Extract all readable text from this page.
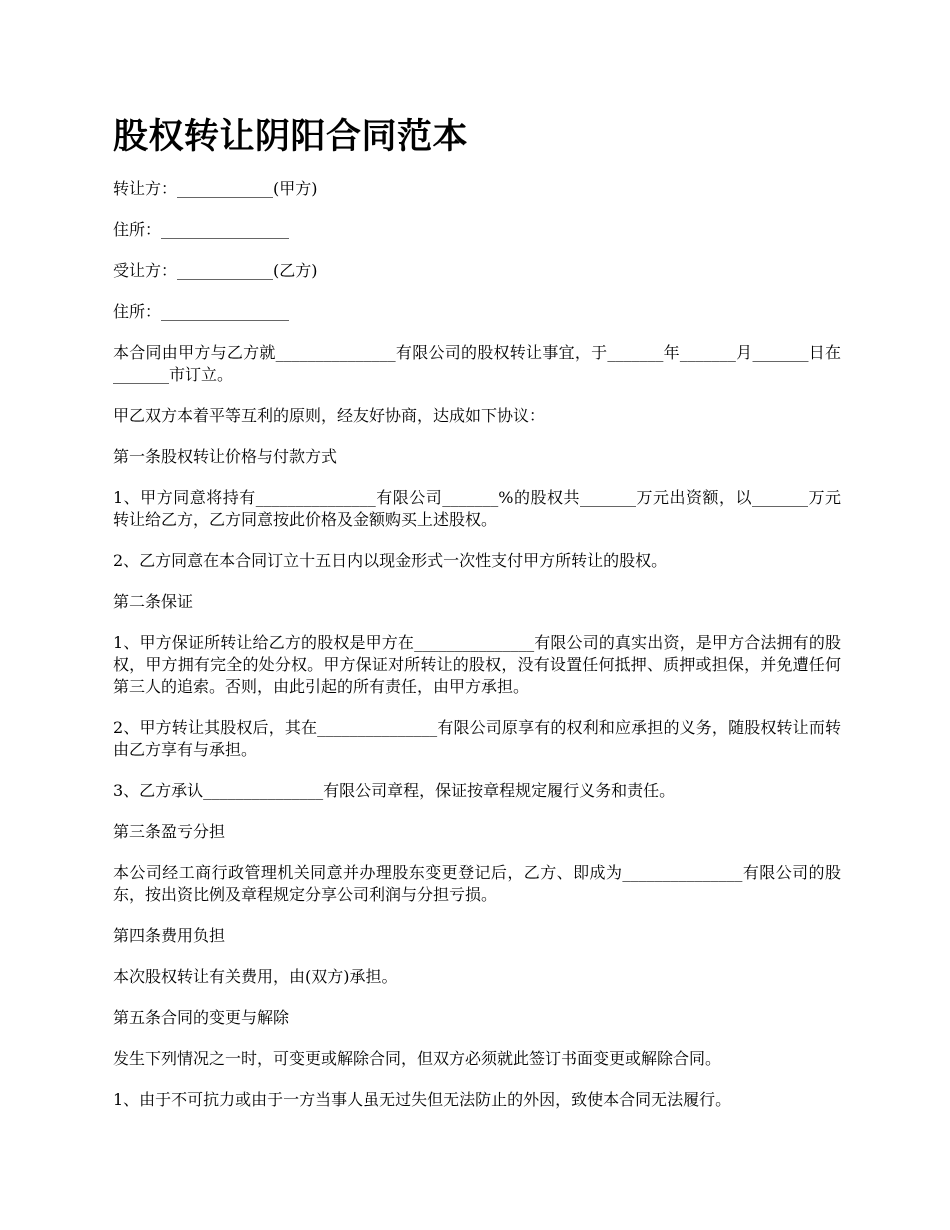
股权转让阴阳合同范本

转让方：____________(甲方)

住所：________________

受让方：____________(乙方)

住所：________________

本合同由甲方与乙方就_______________有限公司的股权转让事宜，于_______年_______月_______日在_______市订立。

甲乙双方本着平等互利的原则，经友好协商，达成如下协议：

第一条股权转让价格与付款方式

1、甲方同意将持有_______________有限公司_______%的股权共_______万元出资额，以_______万元转让给乙方，乙方同意按此价格及金额购买上述股权。

2、乙方同意在本合同订立十五日内以现金形式一次性支付甲方所转让的股权。

第二条保证

1、甲方保证所转让给乙方的股权是甲方在_______________有限公司的真实出资，是甲方合法拥有的股权，甲方拥有完全的处分权。甲方保证对所转让的股权，没有设置任何抵押、质押或担保，并免遭任何第三人的追索。否则，由此引起的所有责任，由甲方承担。

2、甲方转让其股权后，其在_______________有限公司原享有的权利和应承担的义务，随股权转让而转由乙方享有与承担。

3、乙方承认_______________有限公司章程，保证按章程规定履行义务和责任。

第三条盈亏分担

本公司经工商行政管理机关同意并办理股东变更登记后，乙方、即成为_______________有限公司的股东，按出资比例及章程规定分享公司利润与分担亏损。

第四条费用负担

本次股权转让有关费用，由(双方)承担。

第五条合同的变更与解除

发生下列情况之一时，可变更或解除合同，但双方必须就此签订书面变更或解除合同。

1、由于不可抗力或由于一方当事人虽无过失但无法防止的外因，致使本合同无法履行。
